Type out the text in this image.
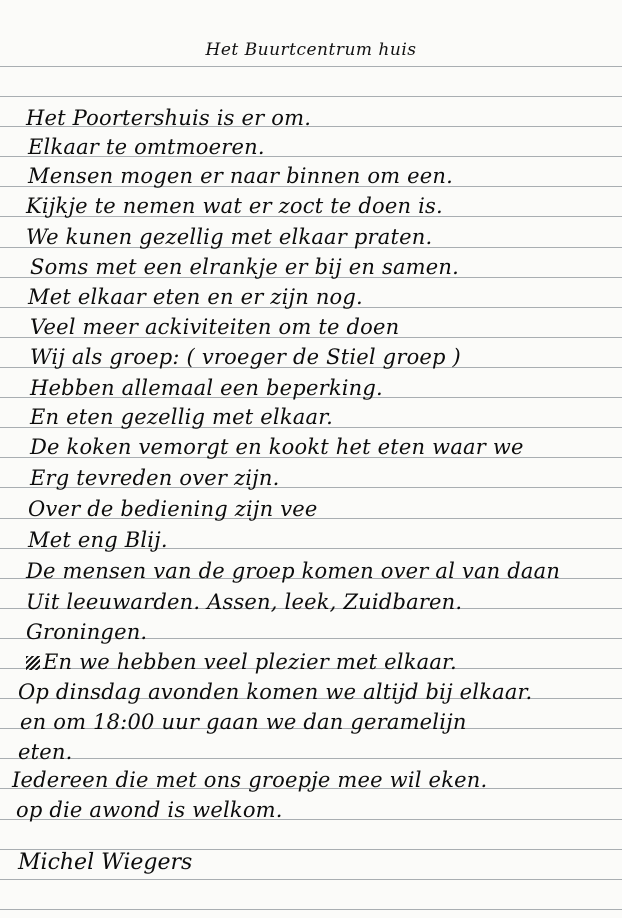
Het Buurtcentrum huis
Het Poortershuis is er om.
Elkaar te omtmoeren.
Mensen mogen er naar binnen om een.
Kijkje te nemen wat er zoct te doen is.
We kunen gezellig met elkaar praten.
Soms met een elrankje er bij en samen.
Met elkaar eten en er zijn nog.
Veel meer ackiviteiten om te doen
Wij als groep: ( vroeger de Stiel groep )
Hebben allemaal een beperking.
En eten gezellig met elkaar.
De koken vemorgt en kookt het eten waar we
Erg tevreden over zijn.
Over de bediening zijn vee
Met eng Blij.
De mensen van de groep komen over al van daan
Uit leeuwarden. Assen, leek, Zuidbaren.
Groningen.
En we hebben veel plezier met elkaar.
Op dinsdag avonden komen we altijd bij elkaar.
en om 18:00 uur gaan we dan geramelijn
eten.
Iedereen die met ons groepje mee wil eken.
op die awond is welkom.
Michel Wiegers
